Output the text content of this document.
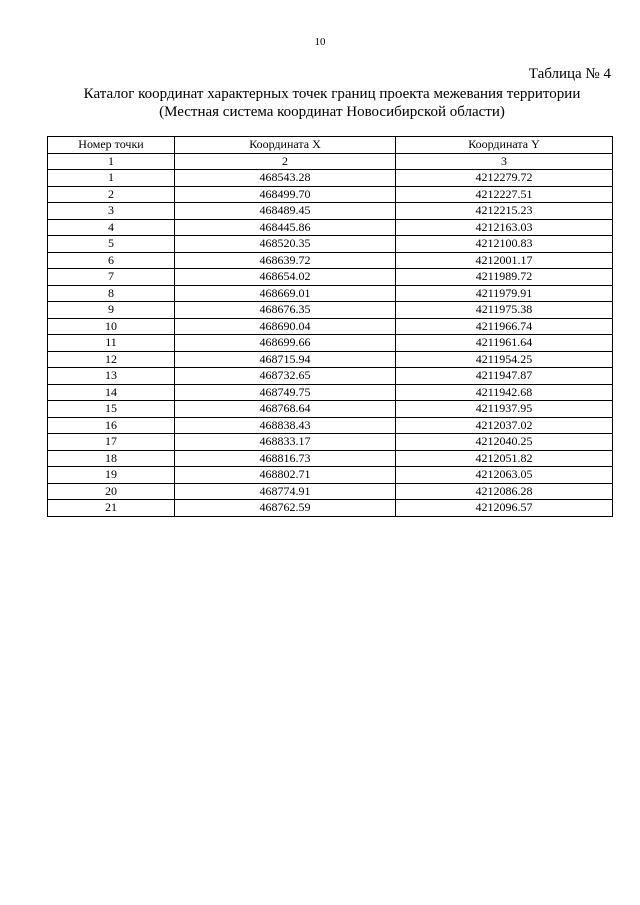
10
Таблица № 4
Каталог координат характерных точек границ проекта межевания территории
(Местная система координат Новосибирской области)
Номер точки	Координата X	Координата Y
1	2	3
1	468543.28	4212279.72
2	468499.70	4212227.51
3	468489.45	4212215.23
4	468445.86	4212163.03
5	468520.35	4212100.83
6	468639.72	4212001.17
7	468654.02	4211989.72
8	468669.01	4211979.91
9	468676.35	4211975.38
10	468690.04	4211966.74
11	468699.66	4211961.64
12	468715.94	4211954.25
13	468732.65	4211947.87
14	468749.75	4211942.68
15	468768.64	4211937.95
16	468838.43	4212037.02
17	468833.17	4212040.25
18	468816.73	4212051.82
19	468802.71	4212063.05
20	468774.91	4212086.28
21	468762.59	4212096.57
